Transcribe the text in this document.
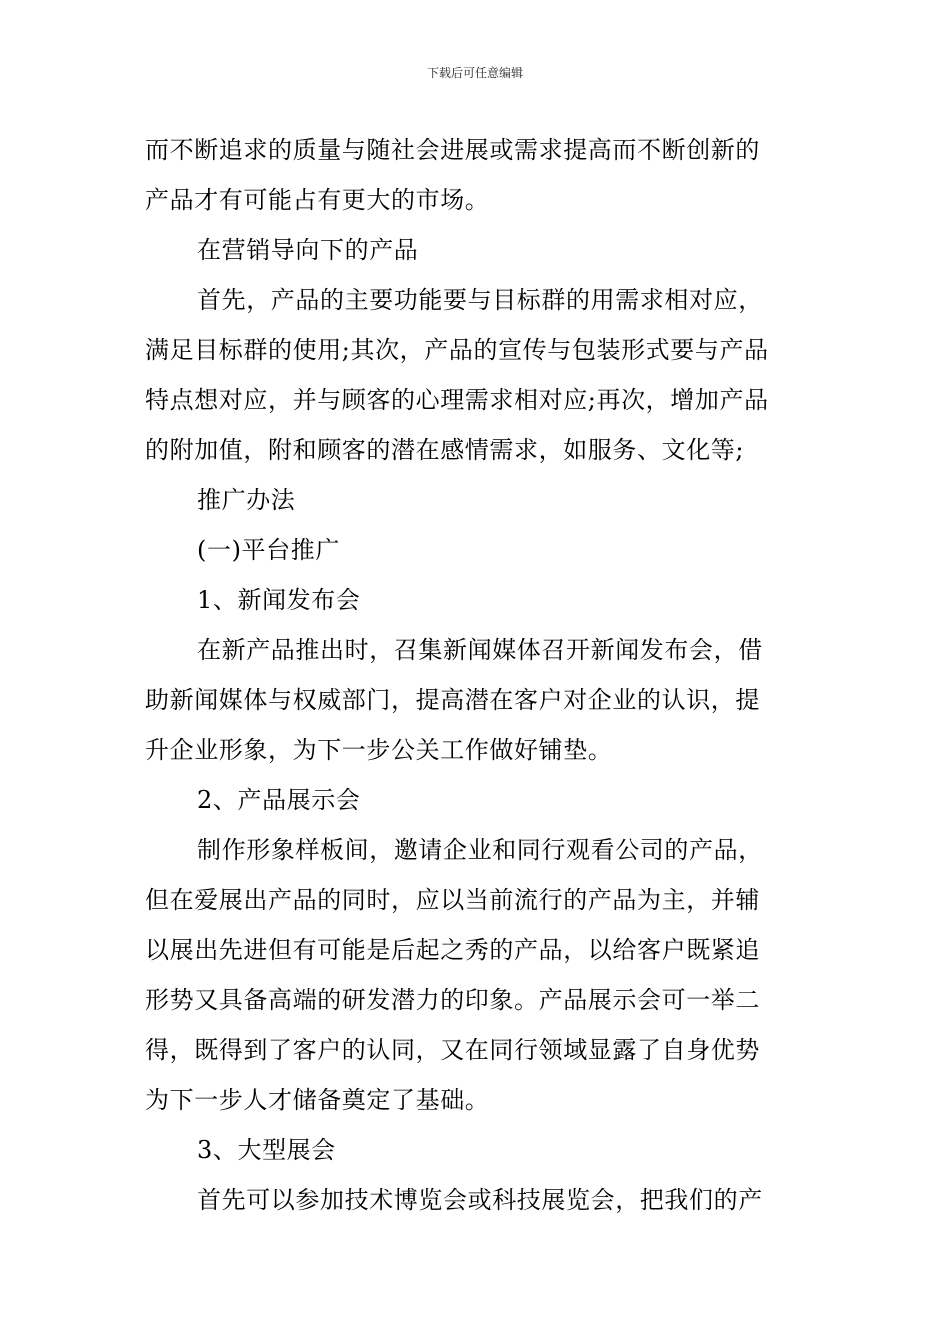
下载后可任意编辑

而不断追求的质量与随社会进展或需求提高而不断创新的

产品才有可能占有更大的市场。

在营销导向下的产品

首先，产品的主要功能要与目标群的用需求相对应，

满足目标群的使用;其次，产品的宣传与包装形式要与产品

特点想对应，并与顾客的心理需求相对应;再次，增加产品

的附加值，附和顾客的潜在感情需求，如服务、文化等;

推广办法

(一)平台推广

1、新闻发布会

在新产品推出时，召集新闻媒体召开新闻发布会，借

助新闻媒体与权威部门，提高潜在客户对企业的认识，提

升企业形象，为下一步公关工作做好铺垫。

2、产品展示会

制作形象样板间，邀请企业和同行观看公司的产品，

但在爱展出产品的同时，应以当前流行的产品为主，并辅

以展出先进但有可能是后起之秀的产品，以给客户既紧追

形势又具备高端的研发潜力的印象。产品展示会可一举二

得，既得到了客户的认同，又在同行领域显露了自身优势

为下一步人才储备奠定了基础。

3、大型展会

首先可以参加技术博览会或科技展览会，把我们的产
